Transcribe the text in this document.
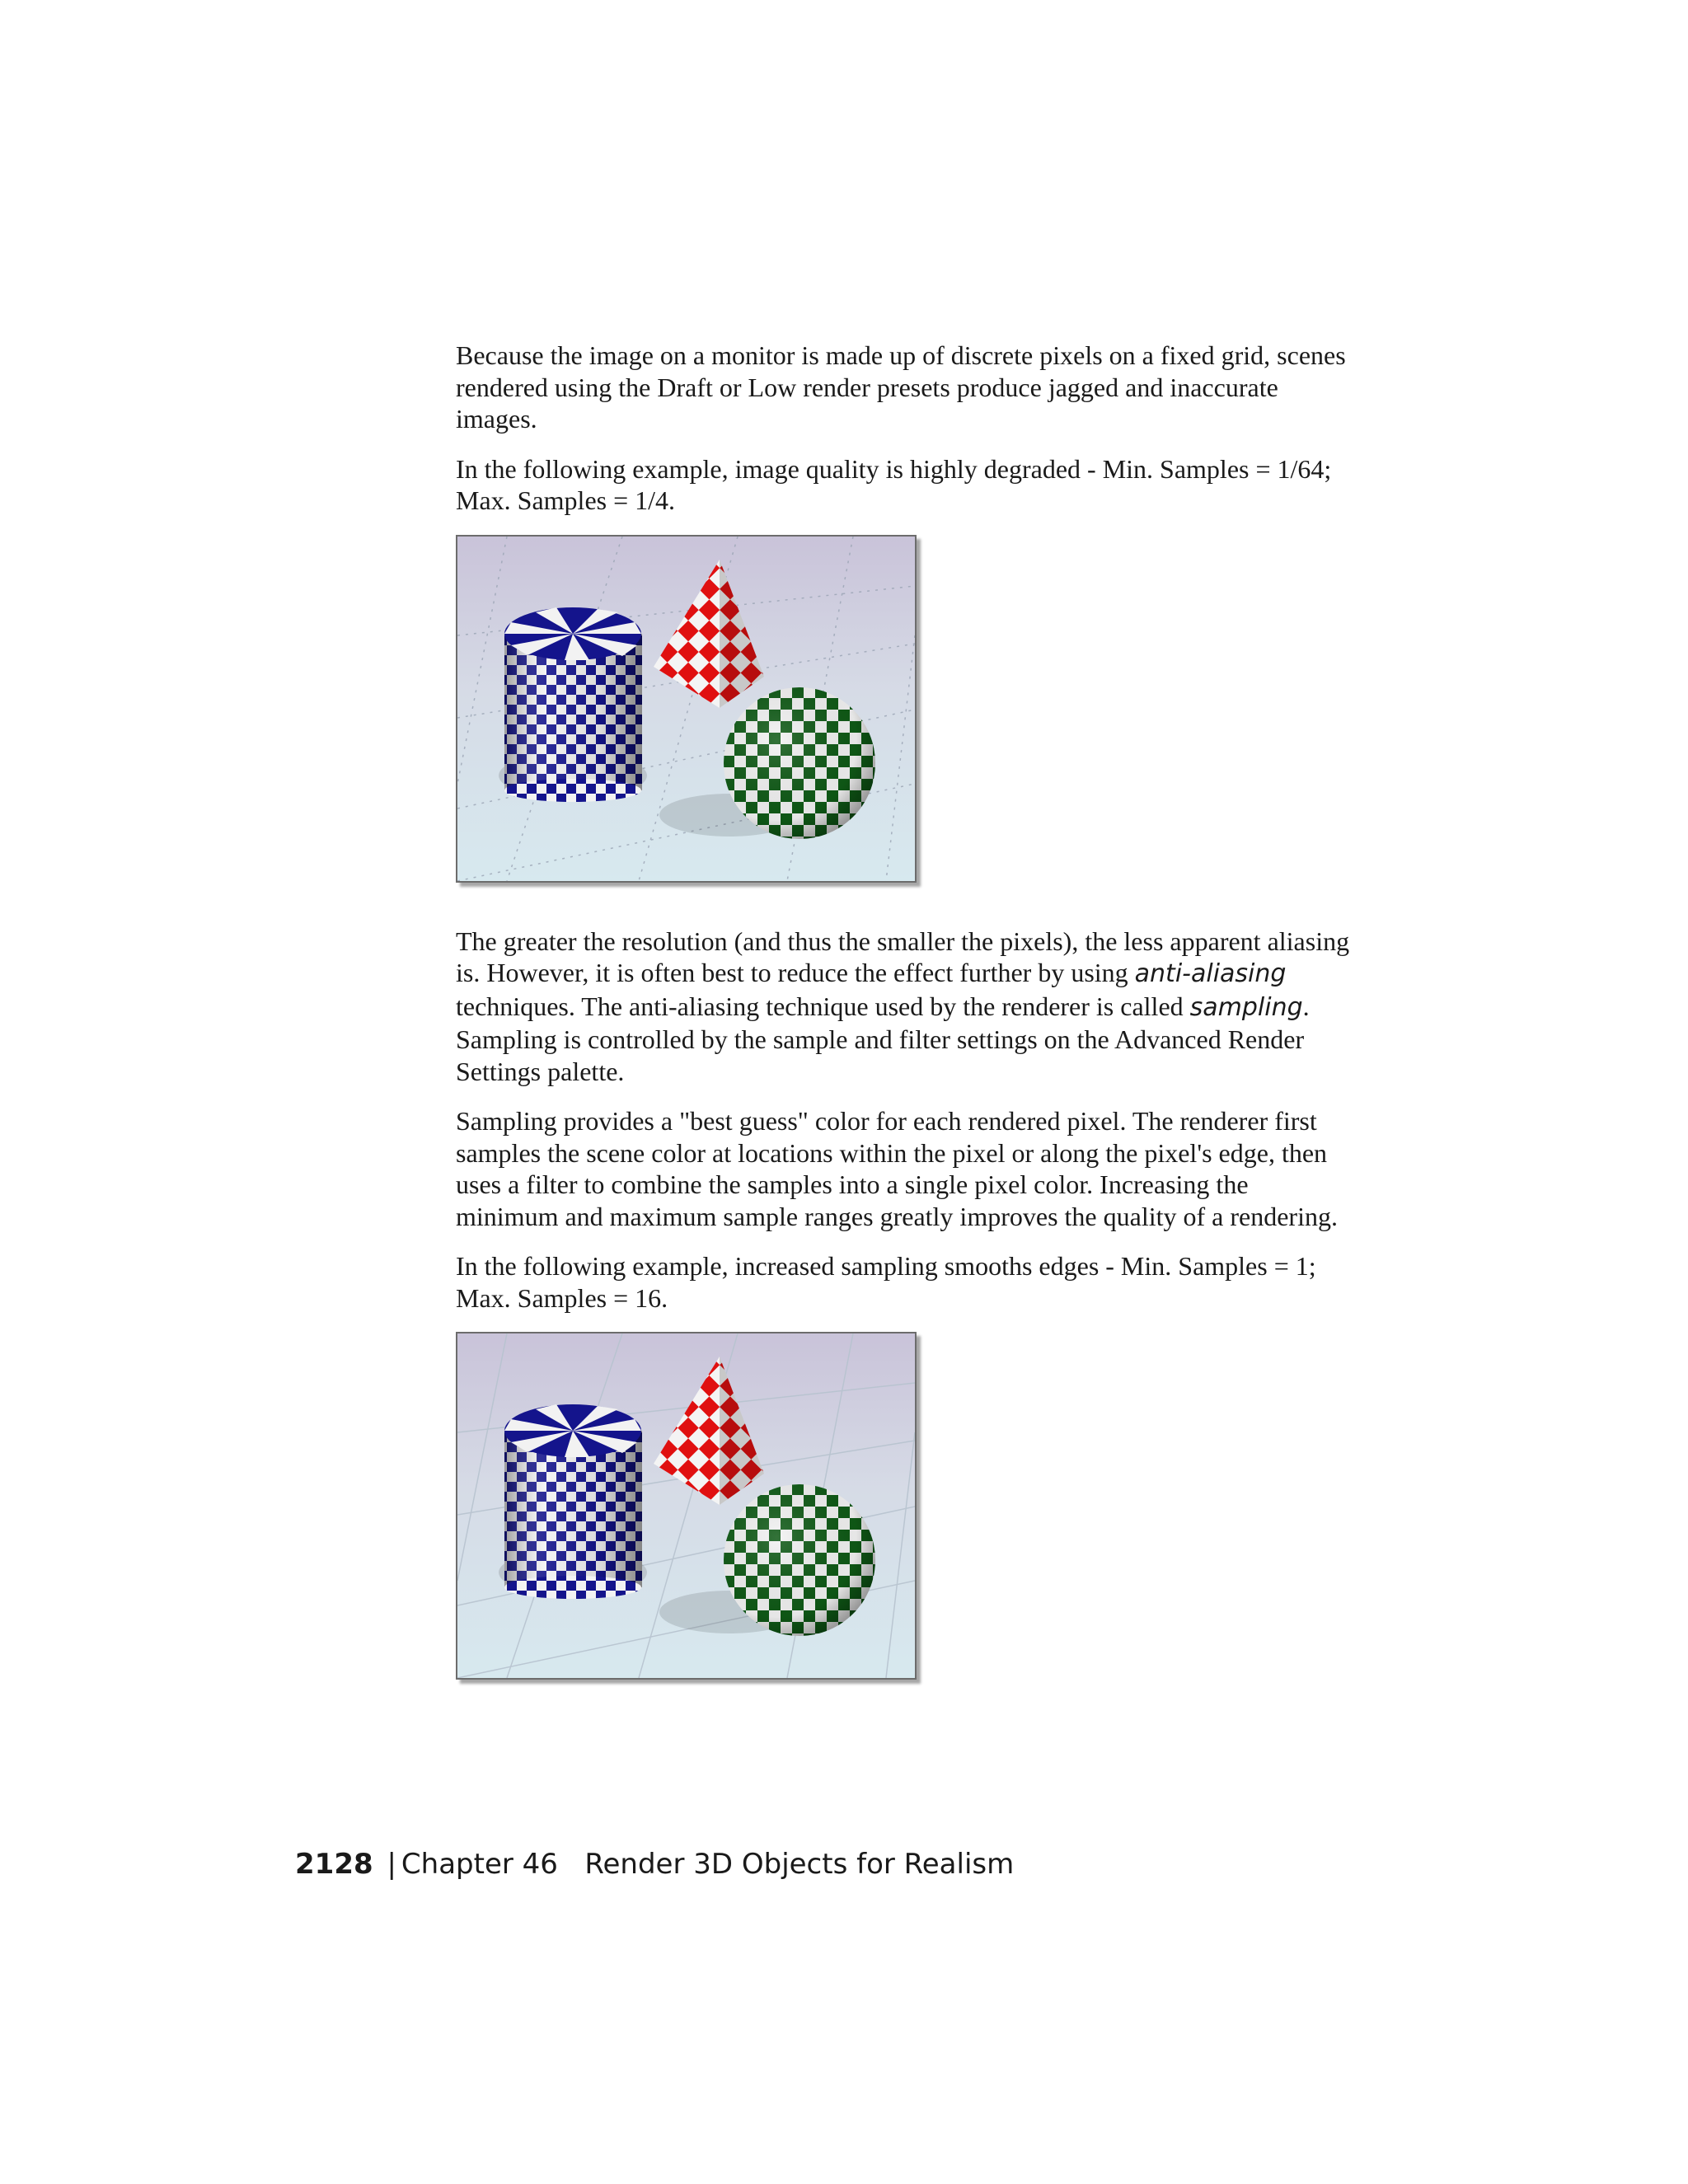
Because the image on a monitor is made up of discrete pixels on a fixed grid, scenes rendered using the Draft or Low render presets produce jagged and inaccurate images.

In the following example, image quality is highly degraded - Min. Samples = 1/64; Max. Samples = 1/4.

The greater the resolution (and thus the smaller the pixels), the less apparent aliasing is. However, it is often best to reduce the effect further by using anti-aliasing techniques. The anti-aliasing technique used by the renderer is called sampling. Sampling is controlled by the sample and filter settings on the Advanced Render Settings palette.

Sampling provides a "best guess" color for each rendered pixel. The renderer first samples the scene color at locations within the pixel or along the pixel's edge, then uses a filter to combine the samples into a single pixel color. Increasing the minimum and maximum sample ranges greatly improves the quality of a rendering.

In the following example, increased sampling smooths edges - Min. Samples = 1; Max. Samples = 16.

2128 | Chapter 46 Render 3D Objects for Realism
